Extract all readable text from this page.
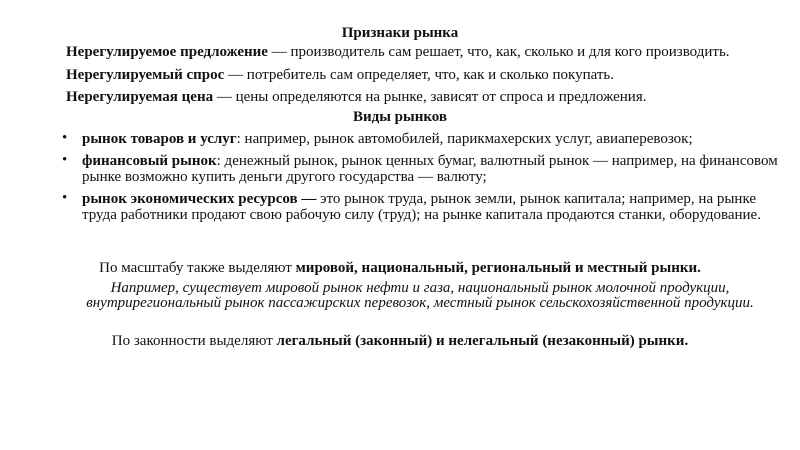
Признаки рынка
Нерегулируемое предложение — производитель сам решает, что, как, сколько и для кого производить.
Нерегулируемый спрос — потребитель сам определяет, что, как и сколько покупать.
Нерегулируемая цена — цены определяются на рынке, зависят от спроса и предложения.
Виды рынков
• рынок товаров и услуг: например, рынок автомобилей, парикмахерских услуг, авиаперевозок;
• финансовый рынок: денежный рынок, рынок ценных бумаг, валютный рынок — например, на финансовом рынке возможно купить деньги другого государства — валюту;
• рынок экономических ресурсов — это рынок труда, рынок земли, рынок капитала; например, на рынке труда работники продают свою рабочую силу (труд); на рынке капитала продаются станки, оборудование.
По масштабу также выделяют мировой, национальный, региональный и местный рынки.
Например, существует мировой рынок нефти и газа, национальный рынок молочной продукции, внутрирегиональный рынок пассажирских перевозок, местный рынок сельскохозяйственной продукции.
По законности выделяют легальный (законный) и нелегальный (незаконный) рынки.
